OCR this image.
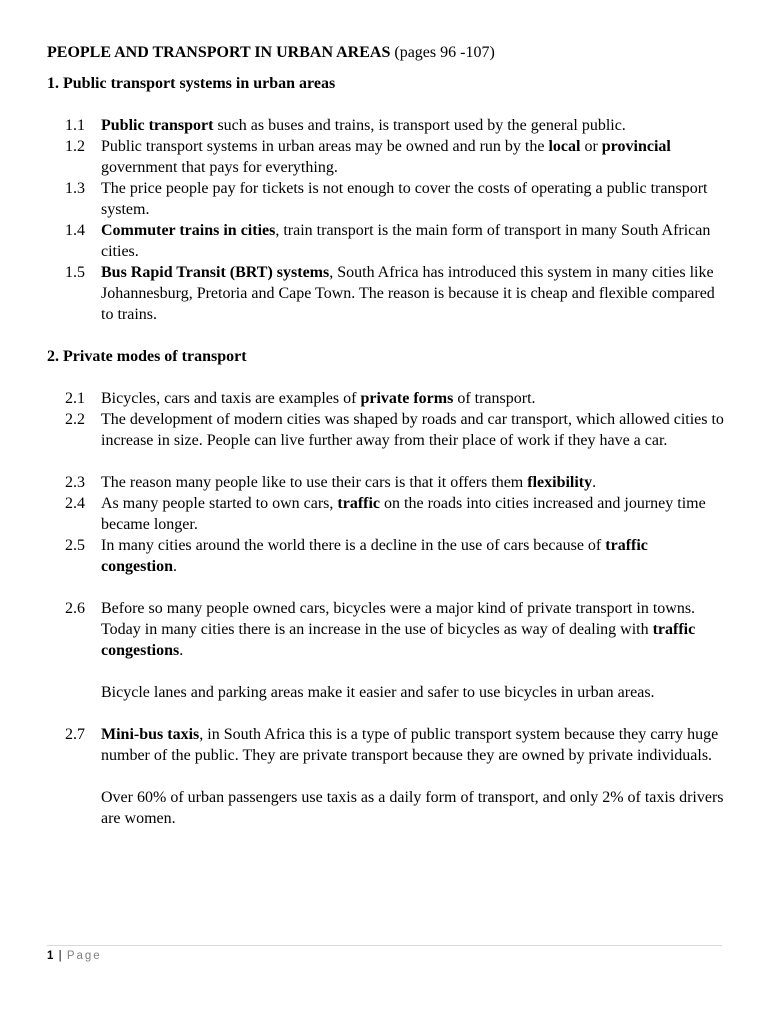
PEOPLE AND TRANSPORT IN URBAN AREAS (pages 96 -107)

1. Public transport systems in urban areas

1.1	Public transport such as buses and trains, is transport used by the general public.
1.2	Public transport systems in urban areas may be owned and run by the local or provincial government that pays for everything.
1.3	The price people pay for tickets is not enough to cover the costs of operating a public transport system.
1.4	Commuter trains in cities, train transport is the main form of transport in many South African cities.
1.5	Bus Rapid Transit (BRT) systems, South Africa has introduced this system in many cities like Johannesburg, Pretoria and Cape Town. The reason is because it is cheap and flexible compared to trains.

2. Private modes of transport

2.1	Bicycles, cars and taxis are examples of private forms of transport.
2.2	The development of modern cities was shaped by roads and car transport, which allowed cities to increase in size. People can live further away from their place of work if they have a car.
2.3	The reason many people like to use their cars is that it offers them flexibility.
2.4	As many people started to own cars, traffic on the roads into cities increased and journey time became longer.
2.5	In many cities around the world there is a decline in the use of cars because of traffic congestion.
2.6	Before so many people owned cars, bicycles were a major kind of private transport in towns. Today in many cities there is an increase in the use of bicycles as way of dealing with traffic congestions.
Bicycle lanes and parking areas make it easier and safer to use bicycles in urban areas.
2.7	Mini-bus taxis, in South Africa this is a type of public transport system because they carry huge number of the public. They are private transport because they are owned by private individuals.
Over 60% of urban passengers use taxis as a daily form of transport, and only 2% of taxis drivers are women.
1 | Page
